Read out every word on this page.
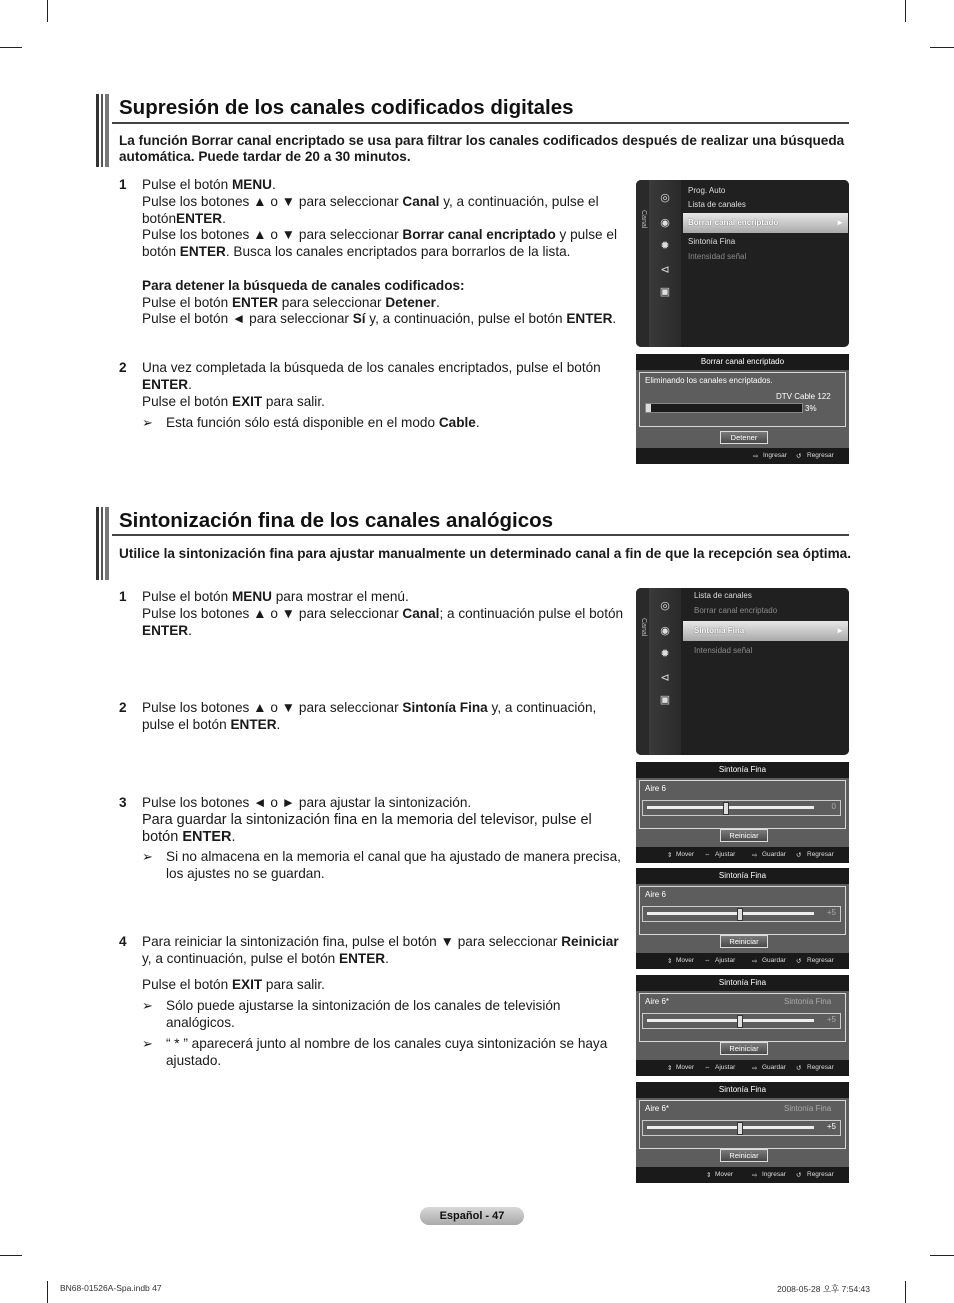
Supresión de los canales codificados digitales

La función Borrar canal encriptado se usa para filtrar los canales codificados después de realizar una búsqueda automática. Puede tardar de 20 a 30 minutos.

1 Pulse el botón MENU.

Pulse los botones ▲ o ▼ para seleccionar Canal y, a continuación, pulse el

botónENTER.

Pulse los botones ▲ o ▼ para seleccionar Borrar canal encriptado y pulse el

botón ENTER. Busca los canales encriptados para borrarlos de la lista.

Para detener la búsqueda de canales codificados:

Pulse el botón ENTER para seleccionar Detener.

Pulse el botón ◄ para seleccionar Sí y, a continuación, pulse el botón ENTER.

2 Una vez completada la búsqueda de los canales encriptados, pulse el botón

ENTER.

Pulse el botón EXIT para salir.

➢ Esta función sólo está disponible en el modo Cable.
Canal
◎
◉
✹
⊲
▣
Prog. Auto
Lista de canales
Borrar canal encriptado	►
Sintonía Fina
Intensidad señal
Borrar canal encriptado
Eliminando los canales encriptados.
DTV Cable 122
3%
Detener
⇨ Ingresar ↺ Regresar
Sintonización fina de los canales analógicos

Utilice la sintonización fina para ajustar manualmente un determinado canal a fin de que la recepción sea óptima.

1 Pulse el botón MENU para mostrar el menú.

Pulse los botones ▲ o ▼ para seleccionar Canal; a continuación pulse el botón

ENTER.

2 Pulse los botones ▲ o ▼ para seleccionar Sintonía Fina y, a continuación,

pulse el botón ENTER.

3 Pulse los botones ◄ o ► para ajustar la sintonización.

Para guardar la sintonización fina en la memoria del televisor, pulse el

botón ENTER.

➢ Si no almacena en la memoria el canal que ha ajustado de manera precisa,
los ajustes no se guardan.
4 Para reiniciar la sintonización fina, pulse el botón ▼ para seleccionar Reiniciar

y, a continuación, pulse el botón ENTER.

Pulse el botón EXIT para salir.

➢ Sólo puede ajustarse la sintonización de los canales de televisión
analógicos.
➢ “ * ” aparecerá junto al nombre de los canales cuya sintonización se haya
ajustado.
Canal
◎
◉
✹
⊲
▣
Lista de canales
Borrar canal encriptado
Sintonía Fina	►
Intensidad señal
Sintonía Fina
Aire 6
0
Reiniciar
⇕ Mover ⇔ Ajustar	⇨ Guardar ↺ Regresar
Sintonía Fina
Aire 6
+5
Reiniciar
⇕ Mover ⇔ Ajustar	⇨ Guardar ↺ Regresar
Sintonía Fina
Aire 6*	Sintonía Fina
+5
Reiniciar
⇕ Mover ⇔ Ajustar	⇨ Guardar ↺ Regresar
Sintonía Fina
Aire 6*	Sintonía Fina
+5
Reiniciar
⇕ Mover	⇨ Ingresar ↺ Regresar
Español - 47
BN68-01526A-Spa.indb 47	2008-05-28 오후 7:54:43
